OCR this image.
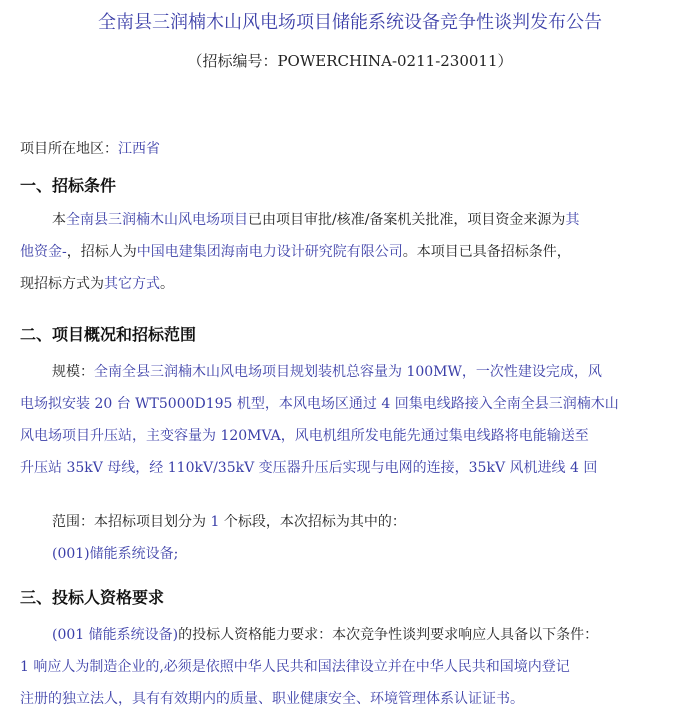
全南县三润楠木山风电场项目储能系统设备竞争性谈判发布公告
（招标编号：POWERCHINA-0211-230011）
项目所在地区：江西省
一、招标条件
本全南县三润楠木山风电场项目已由项目审批/核准/备案机关批准，项目资金来源为其
他资金-，招标人为中国电建集团海南电力设计研究院有限公司。本项目已具备招标条件，
现招标方式为其它方式。
二、项目概况和招标范围
规模：全南全县三润楠木山风电场项目规划装机总容量为 100MW，一次性建设完成，风
电场拟安装 20 台 WT5000D195 机型，本风电场区通过 4 回集电线路接入全南全县三润楠木山
风电场项目升压站，主变容量为 120MVA，风电机组所发电能先通过集电线路将电能输送至
升压站 35kV 母线，经 110kV/35kV 变压器升压后实现与电网的连接，35kV 风机进线 4 回
范围：本招标项目划分为 1 个标段，本次招标为其中的：
(001)储能系统设备;
三、投标人资格要求
(001 储能系统设备)的投标人资格能力要求：本次竞争性谈判要求响应人具备以下条件：
1 响应人为制造企业的,必须是依照中华人民共和国法律设立并在中华人民共和国境内登记
注册的独立法人，具有有效期内的质量、职业健康安全、环境管理体系认证证书。
